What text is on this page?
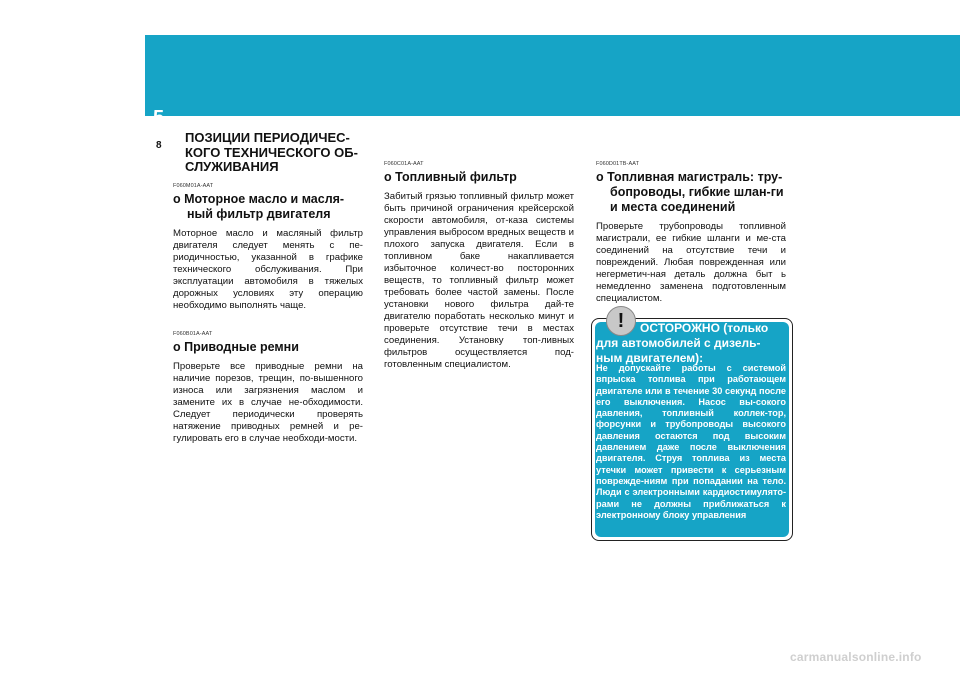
5 ТРЕБОВАНИЯ К ТЕХНИЧЕСКОМУ ОБСЛУЖИВАНИЮ АВТОМОБИЛЯ
8
ПОЗИЦИИ ПЕРИОДИЧЕС-КОГО ТЕХНИЧЕСКОГО ОБ-СЛУЖИВАНИЯ

F060M01A-AAT

o Моторное масло и масля-ный фильтр двигателя

Моторное масло и масляный фильтр двигателя следует менять с пе-риодичностью, указанной в графике технического обслуживания. При эксплуатации автомобиля в тяжелых дорожных условиях эту операцию необходимо выполнять чаще.

F060B01A-AAT

o Приводные ремни

Проверьте все приводные ремни на наличие порезов, трещин, по-вышенного износа или загрязнения маслом и замените их в случае не-обходимости. Следует периодически проверять натяжение приводных ремней и ре-гулировать его в случае необходи-мости.

F060C01A-AAT

o Топливный фильтр

Забитый грязью топливный фильтр может быть причиной ограничения крейсерской скорости автомобиля, от-каза системы управления выбросом вредных веществ и плохого запуска двигателя. Если в топливном баке накапливается избыточное количест-во посторонних веществ, то топливный фильтр может требовать более частой замены. После установки нового фильтра дай-те двигателю поработать несколько минут и проверьте отсутствие течи в местах соединения. Установку топ-ливных фильтров осуществляется под-готовленным специалистом.

F060D01TB-AAT

o Топливная магистраль: тру-бопроводы, гибкие шлан-ги и места соединений

Проверьте трубопроводы топливной магистрали, ее гибкие шланги и ме-ста соединений на отсутствие течи и повреждений. Любая поврежденная или негерметич-ная деталь должна быт ь немедленно заменена подготовленным специалистом.

!	ОСТОРОЖНО (только для автомобилей с дизель-ным двигателем):
Не допускайте работы с системой впрыска топлива при работающем двигателе или в течение 30 секунд после его выключения. Насос вы-сокого давления, топливный коллек-тор, форсунки и трубопроводы высокого давления остаются под высоким давлением даже после выключения двигателя. Струя топлива из места утечки может привести к серьезным поврежде-ниям при попадании на тело. Люди с электронными кардиостимулято-рами не должны приближаться к электронному блоку управления
carmanualsonline.info
